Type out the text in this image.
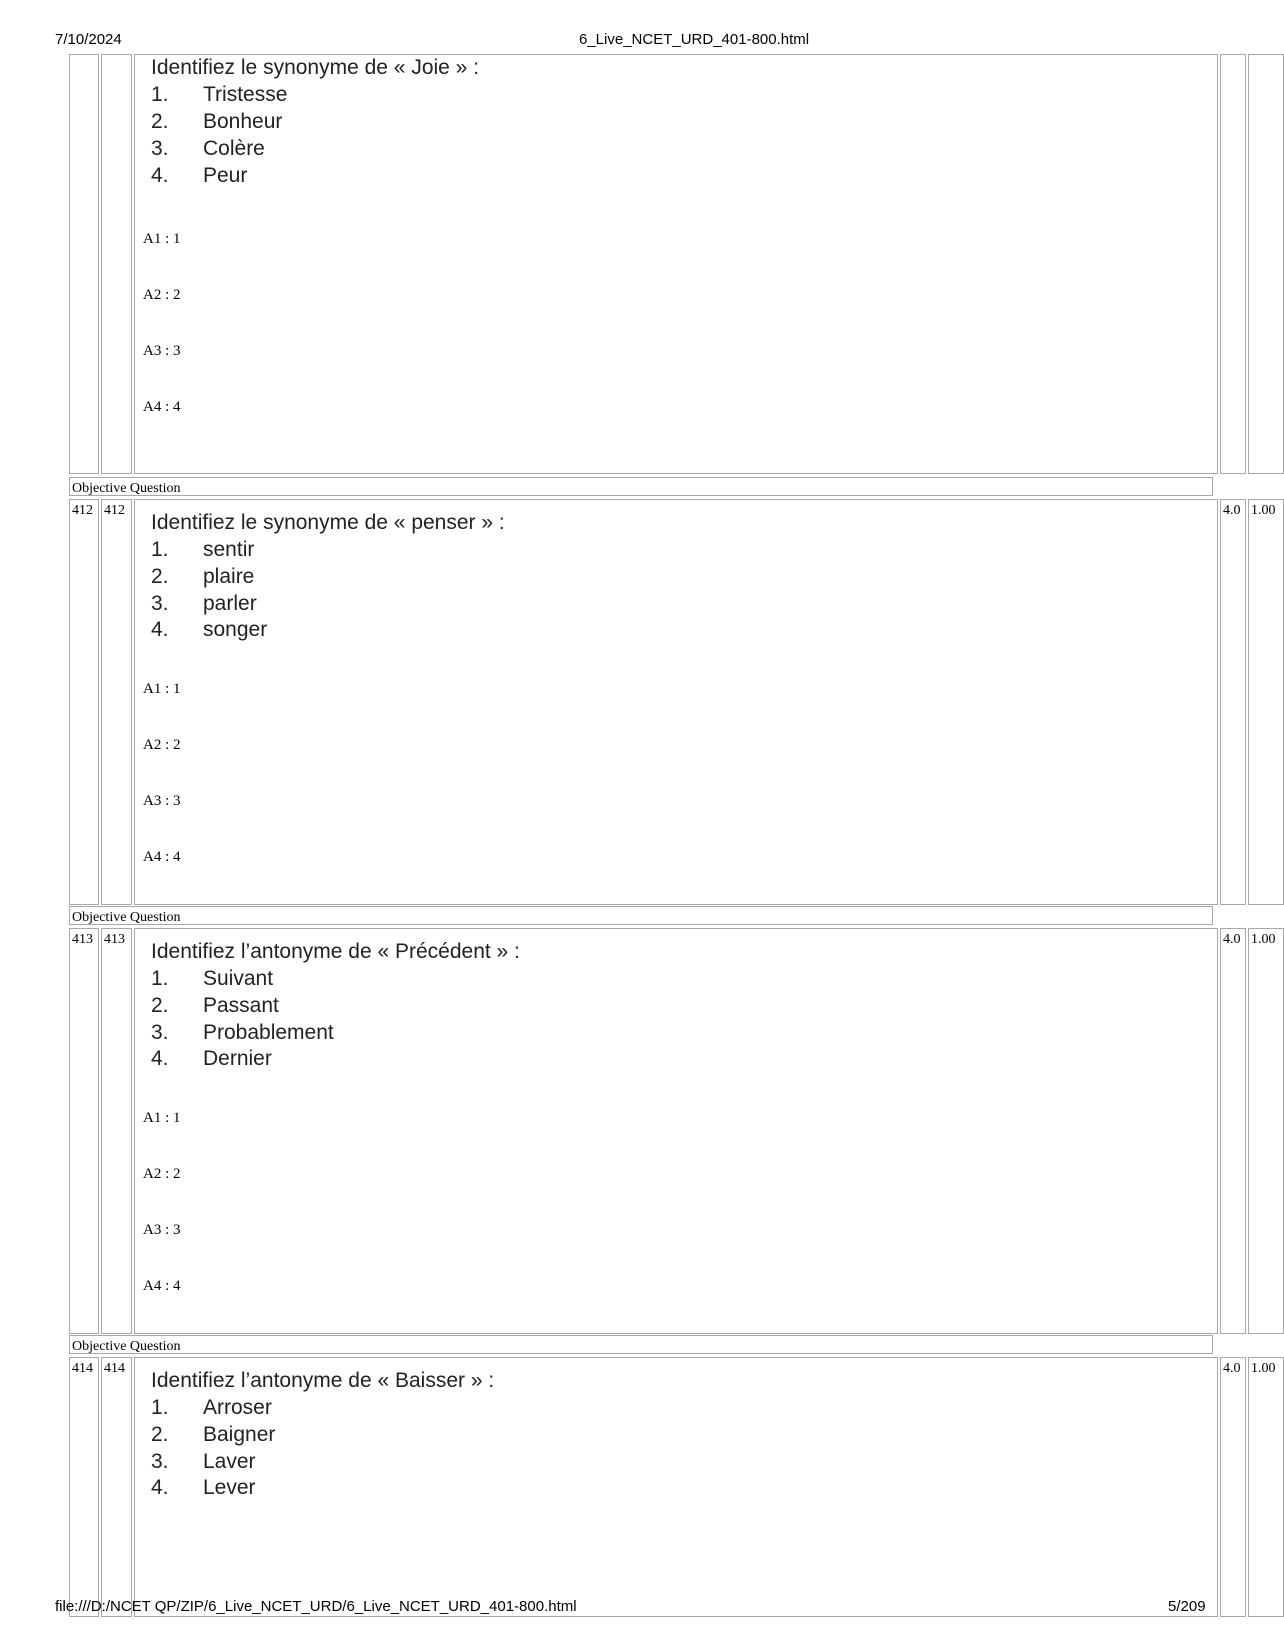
7/10/2024	6_Live_NCET_URD_401-800.html
Identifiez le synonyme de « Joie » :
1. Tristesse
2. Bonheur
3. Colère
4. Peur
A1 : 1
A2 : 2
A3 : 3
A4 : 4
Objective Question
412 412
Identifiez le synonyme de « penser » :
1. sentir
2. plaire
3. parler
4. songer
A1 : 1
A2 : 2
A3 : 3
A4 : 4
4.0 1.00
Objective Question
413 413
Identifiez l’antonyme de « Précédent » :
1. Suivant
2. Passant
3. Probablement
4. Dernier
A1 : 1
A2 : 2
A3 : 3
A4 : 4
4.0 1.00
Objective Question
414 414
Identifiez l’antonyme de « Baisser » :
1. Arroser
2. Baigner
3. Laver
4. Lever
4.0 1.00
file:///D:/NCET QP/ZIP/6_Live_NCET_URD/6_Live_NCET_URD_401-800.html	5/209
